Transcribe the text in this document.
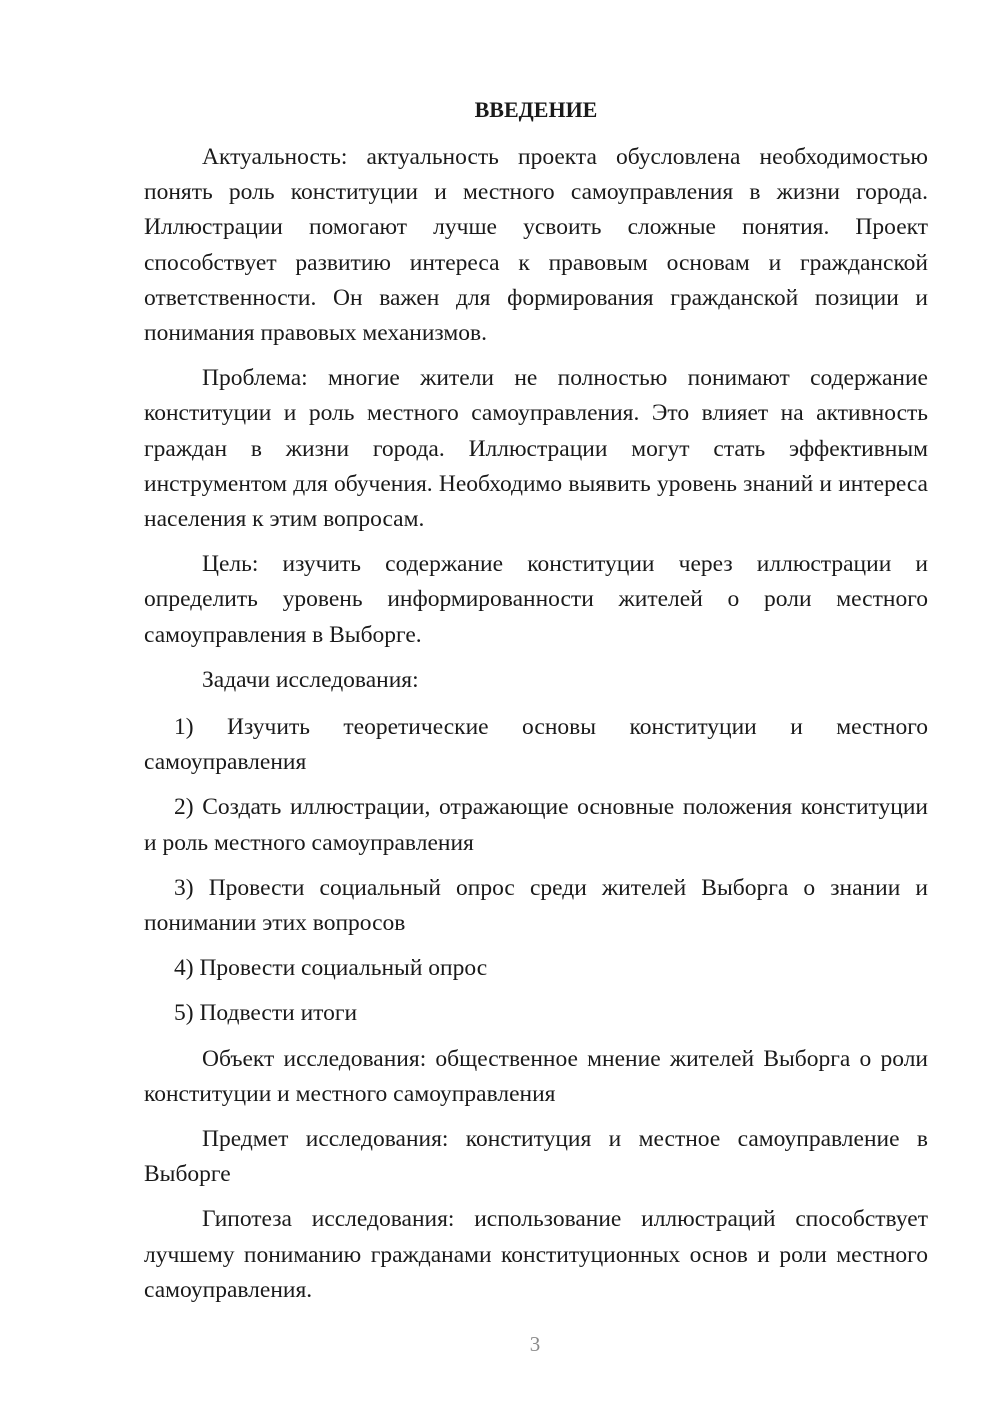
ВВЕДЕНИЕ

Актуальность: актуальность проекта обусловлена необходимостью понять роль конституции и местного самоуправления в жизни города. Иллюстрации помогают лучше усвоить сложные понятия. Проект способствует развитию интереса к правовым основам и гражданской ответственности. Он важен для формирования гражданской позиции и понимания правовых механизмов.

Проблема: многие жители не полностью понимают содержание конституции и роль местного самоуправления. Это влияет на активность граждан в жизни города. Иллюстрации могут стать эффективным инструментом для обучения. Необходимо выявить уровень знаний и интереса населения к этим вопросам.

Цель: изучить содержание конституции через иллюстрации и определить уровень информированности жителей о роли местного самоуправления в Выборге.

Задачи исследования:

1) Изучить теоретические основы конституции и местного самоуправления

2) Создать иллюстрации, отражающие основные положения конституции и роль местного самоуправления

3) Провести социальный опрос среди жителей Выборга о знании и понимании этих вопросов

4) Провести социальный опрос

5) Подвести итоги

Объект исследования: общественное мнение жителей Выборга о роли конституции и местного самоуправления

Предмет исследования: конституция и местное самоуправление в Выборге

Гипотеза исследования: использование иллюстраций способствует лучшему пониманию гражданами конституционных основ и роли местного самоуправления.

3
